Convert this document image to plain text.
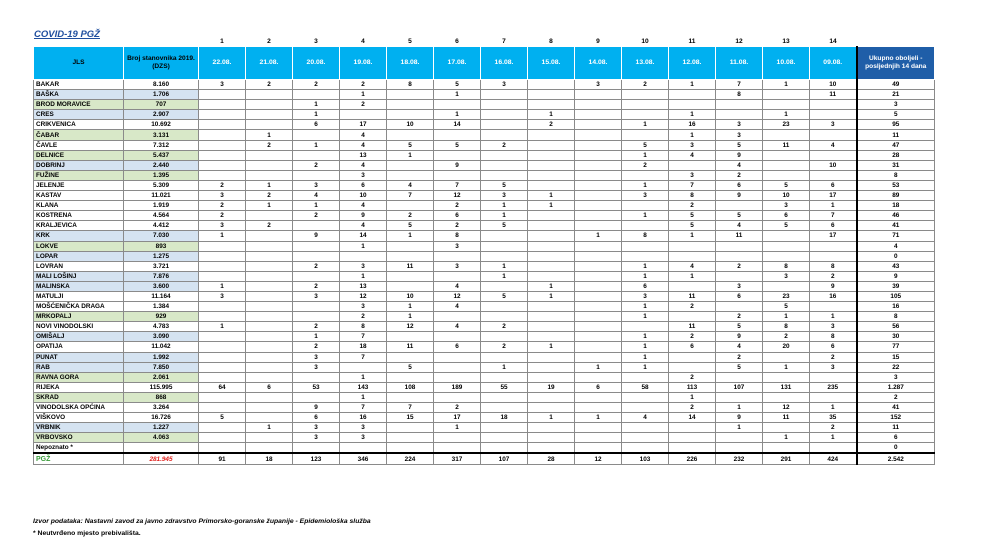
COVID-19 PGŽ
		1	2	3	4	5	6	7	8	9	10	11	12	13	14	
JLS	Broj stanovnika 2019. (DZS)	22.08.	21.08.	20.08.	19.08.	18.08.	17.08.	16.08.	15.08.	14.08.	13.08.	12.08.	11.08.	10.08.	09.08.	Ukupno oboljeli - posljednjih 14 dana
BAKAR	8.160	3	2	2	2	8	5	3		3	2	1	7	1	10	49
BAŠKA	1.706				1		1						8		11	21
BROD MORAVICE	707			1	2											3
CRES	2.907			1			1		1			1		1		5
CRIKVENICA	10.692			6	17	10	14		2		1	16	3	23	3	95
ČABAR	3.131		1		4							1	3			11
ČAVLE	7.312		2	1	4	5	5	2			5	3	5	11	4	47
DELNICE	5.437				13	1					1	4	9			28
DOBRINJ	2.440			2	4		9				2		4		10	31
FUŽINE	1.395				3							3	2			8
JELENJE	5.309	2	1	3	6	4	7	5			1	7	6	5	6	53
KASTAV	11.021	3	2	4	10	7	12	3	1		3	8	9	10	17	89
KLANA	1.919	2	1	1	4		2	1	1			2		3	1	18
KOSTRENA	4.564	2		2	9	2	6	1			1	5	5	6	7	46
KRALJEVICA	4.412	3	2		4	5	2	5				5	4	5	6	41
KRK	7.030	1		9	14	1	8			1	8	1	11		17	71
LOKVE	893				1		3									4
LOPAR	1.275															0
LOVRAN	3.721			2	3	11	3	1			1	4	2	8	8	43
MALI LOŠINJ	7.876				1			1			1	1		3	2	9
MALINSKA	3.600	1		2	13		4		1		6		3		9	39
MATULJI	11.164	3		3	12	10	12	5	1		3	11	6	23	16	105
MOŠĆENIČKA DRAGA	1.384				3	1	4				1	2		5		16
MRKOPALJ	929				2	1					1		2	1	1	8
NOVI VINODOLSKI	4.783	1		2	8	12	4	2				11	5	8	3	56
OMIŠALJ	3.090			1	7						1	2	9	2	8	30
OPATIJA	11.042			2	18	11	6	2	1		1	6	4	20	6	77
PUNAT	1.992			3	7						1		2		2	15
RAB	7.850			3		5		1		1	1		5	1	3	22
RAVNA GORA	2.061				1							2				3
RIJEKA	115.995	64	6	53	143	108	189	55	19	6	58	113	107	131	235	1.287
SKRAD	868				1							1				2
VINODOLSKA OPĆINA	3.264			9	7	7	2					2	1	12	1	41
VIŠKOVO	16.726	5		6	16	15	17	18	1	1	4	14	9	11	35	152
VRBNIK	1.227		1	3	3		1						1		2	11
VRBOVSKO	4.063			3	3									1	1	6
Nepoznato *																0
PGŽ	281.945	91	18	123	346	224	317	107	28	12	103	226	232	291	424	2.542
Izvor podataka: Nastavni zavod za javno zdravstvo Primorsko-goranske županije - Epidemiološka služba
* Neutvrđeno mjesto prebivališta.
